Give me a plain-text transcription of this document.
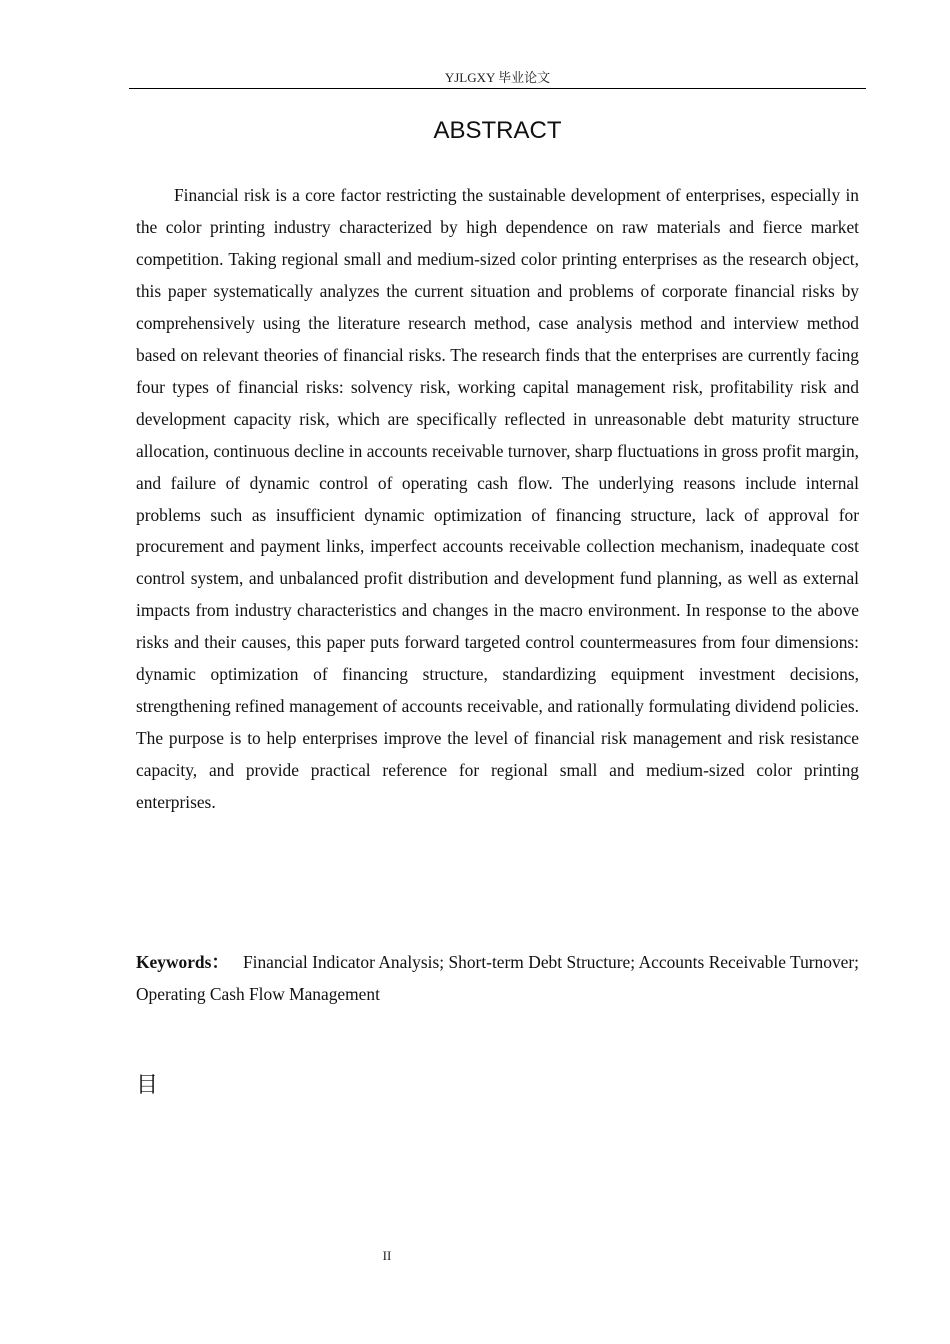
YJLGXY 毕业论文
ABSTRACT

Financial risk is a core factor restricting the sustainable development of enterprises, especially in the color printing industry characterized by high dependence on raw materials and fierce market competition. Taking regional small and medium-sized color printing enterprises as the research object, this paper systematically analyzes the current situation and problems of corporate financial risks by comprehensively using the literature research method, case analysis method and interview method based on relevant theories of financial risks. The research finds that the enterprises are currently facing four types of financial risks: solvency risk, working capital management risk, profitability risk and development capacity risk, which are specifically reflected in unreasonable debt maturity structure allocation, continuous decline in accounts receivable turnover, sharp fluctuations in gross profit margin, and failure of dynamic control of operating cash flow. The underlying reasons include internal problems such as insufficient dynamic optimization of financing structure, lack of approval for procurement and payment links, imperfect accounts receivable collection mechanism, inadequate cost control system, and unbalanced profit distribution and development fund planning, as well as external impacts from industry characteristics and changes in the macro environment. In response to the above risks and their causes, this paper puts forward targeted control countermeasures from four dimensions: dynamic optimization of financing structure, standardizing equipment investment decisions, strengthening refined management of accounts receivable, and rationally formulating dividend policies. The purpose is to help enterprises improve the level of financial risk management and risk resistance capacity, and provide practical reference for regional small and medium-sized color printing enterprises.

Keywords： Financial Indicator Analysis; Short-term Debt Structure; Accounts Receivable Turnover; Operating Cash Flow Management

目
II
